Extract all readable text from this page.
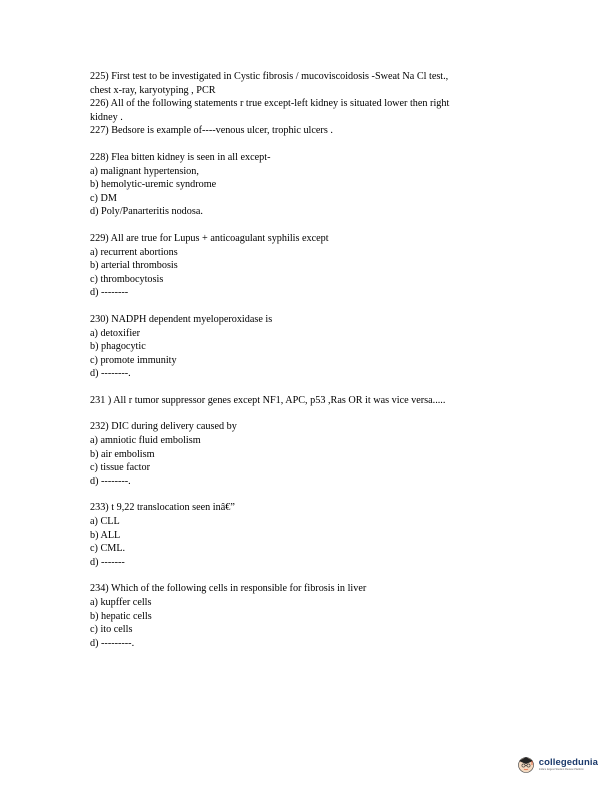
225) First test to be investigated in Cystic fibrosis / mucoviscoidosis -Sweat Na Cl test.,
chest x-ray, karyotyping , PCR
226) All of the following statements r true except-left kidney is situated lower then right
kidney .
227) Bedsore is example of----venous ulcer, trophic ulcers .
228) Flea bitten kidney is seen in all except-
a) malignant hypertension,
b) hemolytic-uremic syndrome
c) DM
d) Poly/Panarteritis nodosa.
229) All are true for Lupus + anticoagulant syphilis except
a) recurrent abortions
b) arterial thrombosis
c) thrombocytosis
d) --------
230) NADPH dependent myeloperoxidase is
a) detoxifier
b) phagocytic
c) promote immunity
d) --------.
231 ) All r tumor suppressor genes except NF1, APC, p53 ,Ras OR it was vice versa.....
232) DIC during delivery caused by
a) amniotic fluid embolism
b) air embolism
c) tissue factor
d) --------.
233) t 9,22 translocation seen inâ€”
a) CLL
b) ALL
c) CML.
d) -------
234) Which of the following cells in responsible for fibrosis in liver
a) kupffer cells
b) hepatic cells
c) ito cells
d) ---------.
collegedunia
India's largest Student Review Platform
